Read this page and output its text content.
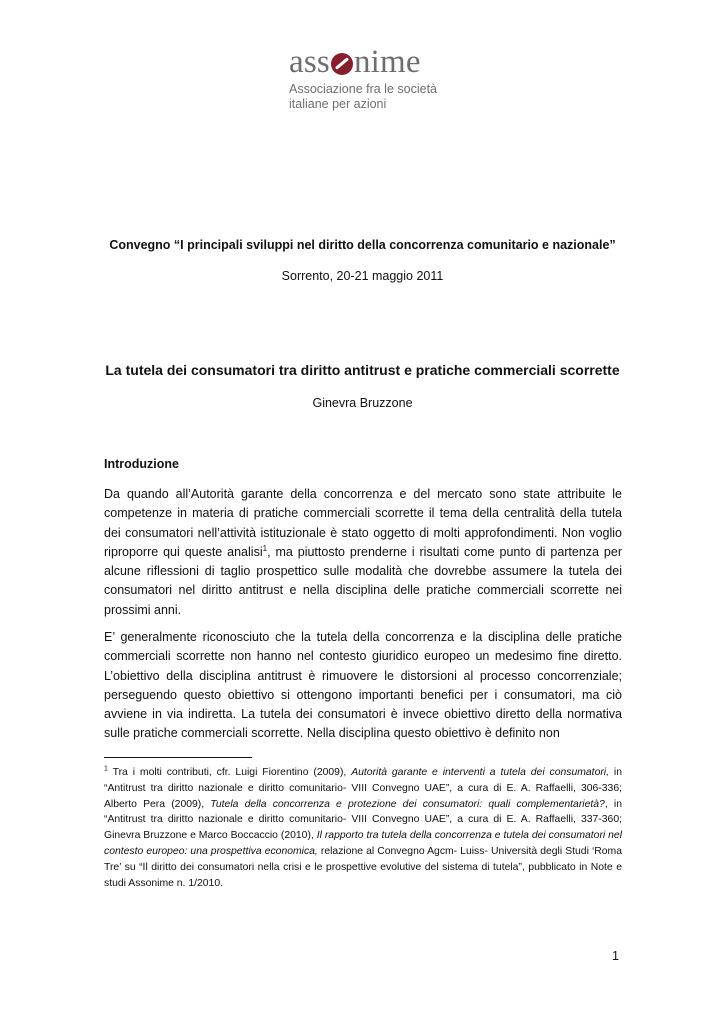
ass nime
Associazione fra le società
italiane per azioni
Convegno “I principali sviluppi nel diritto della concorrenza comunitario e nazionale”
Sorrento, 20-21 maggio 2011
La tutela dei consumatori tra diritto antitrust e pratiche commerciali scorrette
Ginevra Bruzzone
Introduzione

Da quando all’Autorità garante della concorrenza e del mercato sono state attribuite le competenze in materia di pratiche commerciali scorrette il tema della centralità della tutela dei consumatori nell’attività istituzionale è stato oggetto di molti approfondimenti. Non voglio riproporre qui queste analisi$^1$, ma piuttosto prenderne i risultati come punto di partenza per alcune riflessioni di taglio prospettico sulle modalità che dovrebbe assumere la tutela dei consumatori nel diritto antitrust e nella disciplina delle pratiche commerciali scorrette nei prossimi anni.

E’ generalmente riconosciuto che la tutela della concorrenza e la disciplina delle pratiche commerciali scorrette non hanno nel contesto giuridico europeo un medesimo fine diretto. L’obiettivo della disciplina antitrust è rimuovere le distorsioni al processo concorrenziale; perseguendo questo obiettivo si ottengono importanti benefici per i consumatori, ma ciò avviene in via indiretta. La tutela dei consumatori è invece obiettivo diretto della normativa sulle pratiche commerciali scorrette. Nella disciplina questo obiettivo è definito non

$^1$ Tra i molti contributi, cfr. Luigi Fiorentino (2009), Autorità garante e interventi a tutela dei consumatori, in “Antitrust tra diritto nazionale e diritto comunitario- VIII Convegno UAE”, a cura di E. A. Raffaelli, 306-336; Alberto Pera (2009), Tutela della concorrenza e protezione dei consumatori: quali complementarietà?, in “Antitrust tra diritto nazionale e diritto comunitario- VIII Convegno UAE”, a cura di E. A. Raffaelli, 337-360; Ginevra Bruzzone e Marco Boccaccio (2010), Il rapporto tra tutela della concorrenza e tutela dei consumatori nel contesto europeo: una prospettiva economica, relazione al Convegno Agcm- Luiss- Università degli Studi ‘Roma Tre’ su “Il diritto dei consumatori nella crisi e le prospettive evolutive del sistema di tutela”, pubblicato in Note e studi Assonime n. 1/2010.

1
